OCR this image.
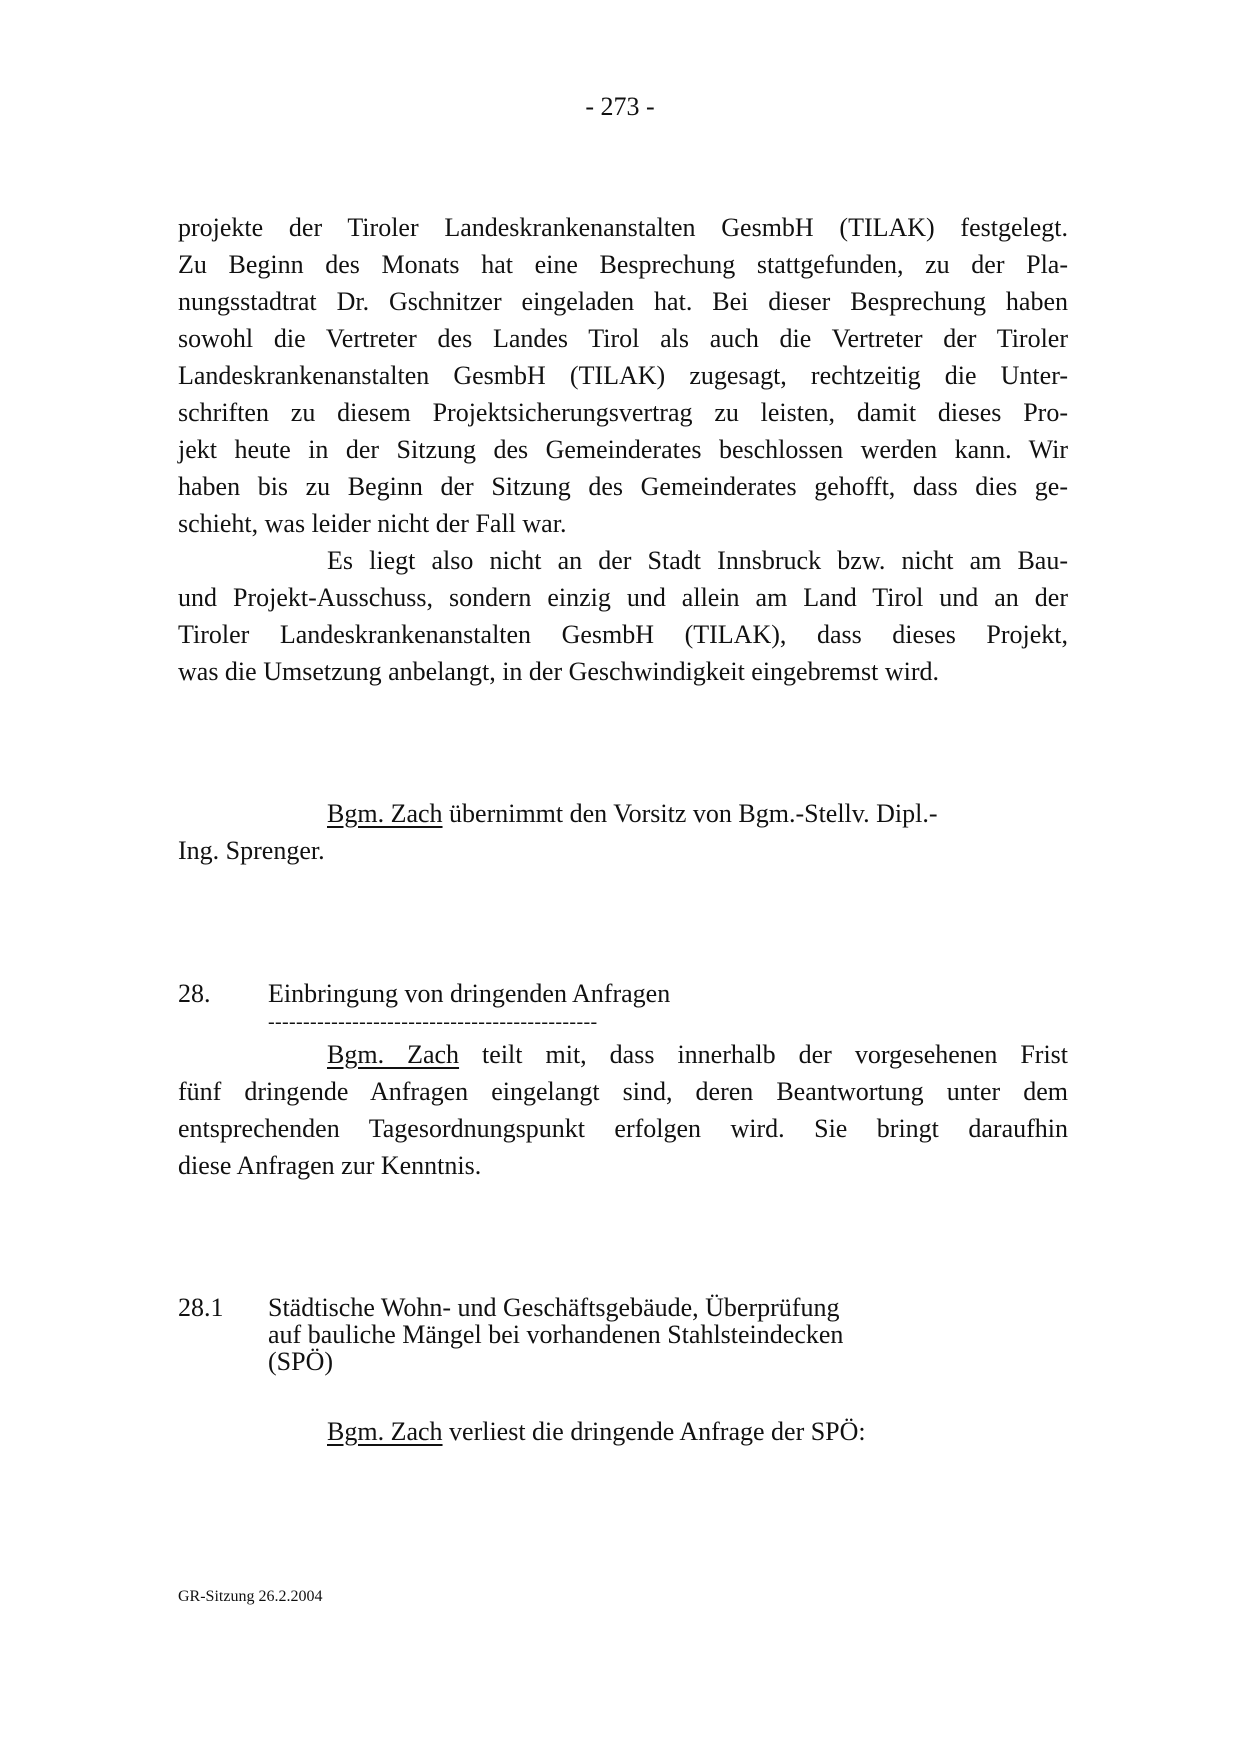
- 273 -
projekte der Tiroler Landeskrankenanstalten GesmbH (TILAK) festgelegt.
Zu Beginn des Monats hat eine Besprechung stattgefunden, zu der Pla-
nungsstadtrat Dr. Gschnitzer eingeladen hat. Bei dieser Besprechung haben
sowohl die Vertreter des Landes Tirol als auch die Vertreter der Tiroler
Landeskrankenanstalten GesmbH (TILAK) zugesagt, rechtzeitig die Unter-
schriften zu diesem Projektsicherungsvertrag zu leisten, damit dieses Pro-
jekt heute in der Sitzung des Gemeinderates beschlossen werden kann. Wir
haben bis zu Beginn der Sitzung des Gemeinderates gehofft, dass dies ge-
schieht, was leider nicht der Fall war.
Es liegt also nicht an der Stadt Innsbruck bzw. nicht am Bau-
und Projekt-Ausschuss, sondern einzig und allein am Land Tirol und an der
Tiroler Landeskrankenanstalten GesmbH (TILAK), dass dieses Projekt,
was die Umsetzung anbelangt, in der Geschwindigkeit eingebremst wird.
Bgm. Zach übernimmt den Vorsitz von Bgm.-Stellv. Dipl.-
Ing. Sprenger.
28. Einbringung von dringenden Anfragen
-----------------------------------------------
Bgm. Zach teilt mit, dass innerhalb der vorgesehenen Frist
fünf dringende Anfragen eingelangt sind, deren Beantwortung unter dem
entsprechenden Tagesordnungspunkt erfolgen wird. Sie bringt daraufhin
diese Anfragen zur Kenntnis.
28.1 Städtische Wohn- und Geschäftsgebäude, Überprüfung
auf bauliche Mängel bei vorhandenen Stahlsteindecken
(SPÖ)
Bgm. Zach verliest die dringende Anfrage der SPÖ:
GR-Sitzung 26.2.2004
